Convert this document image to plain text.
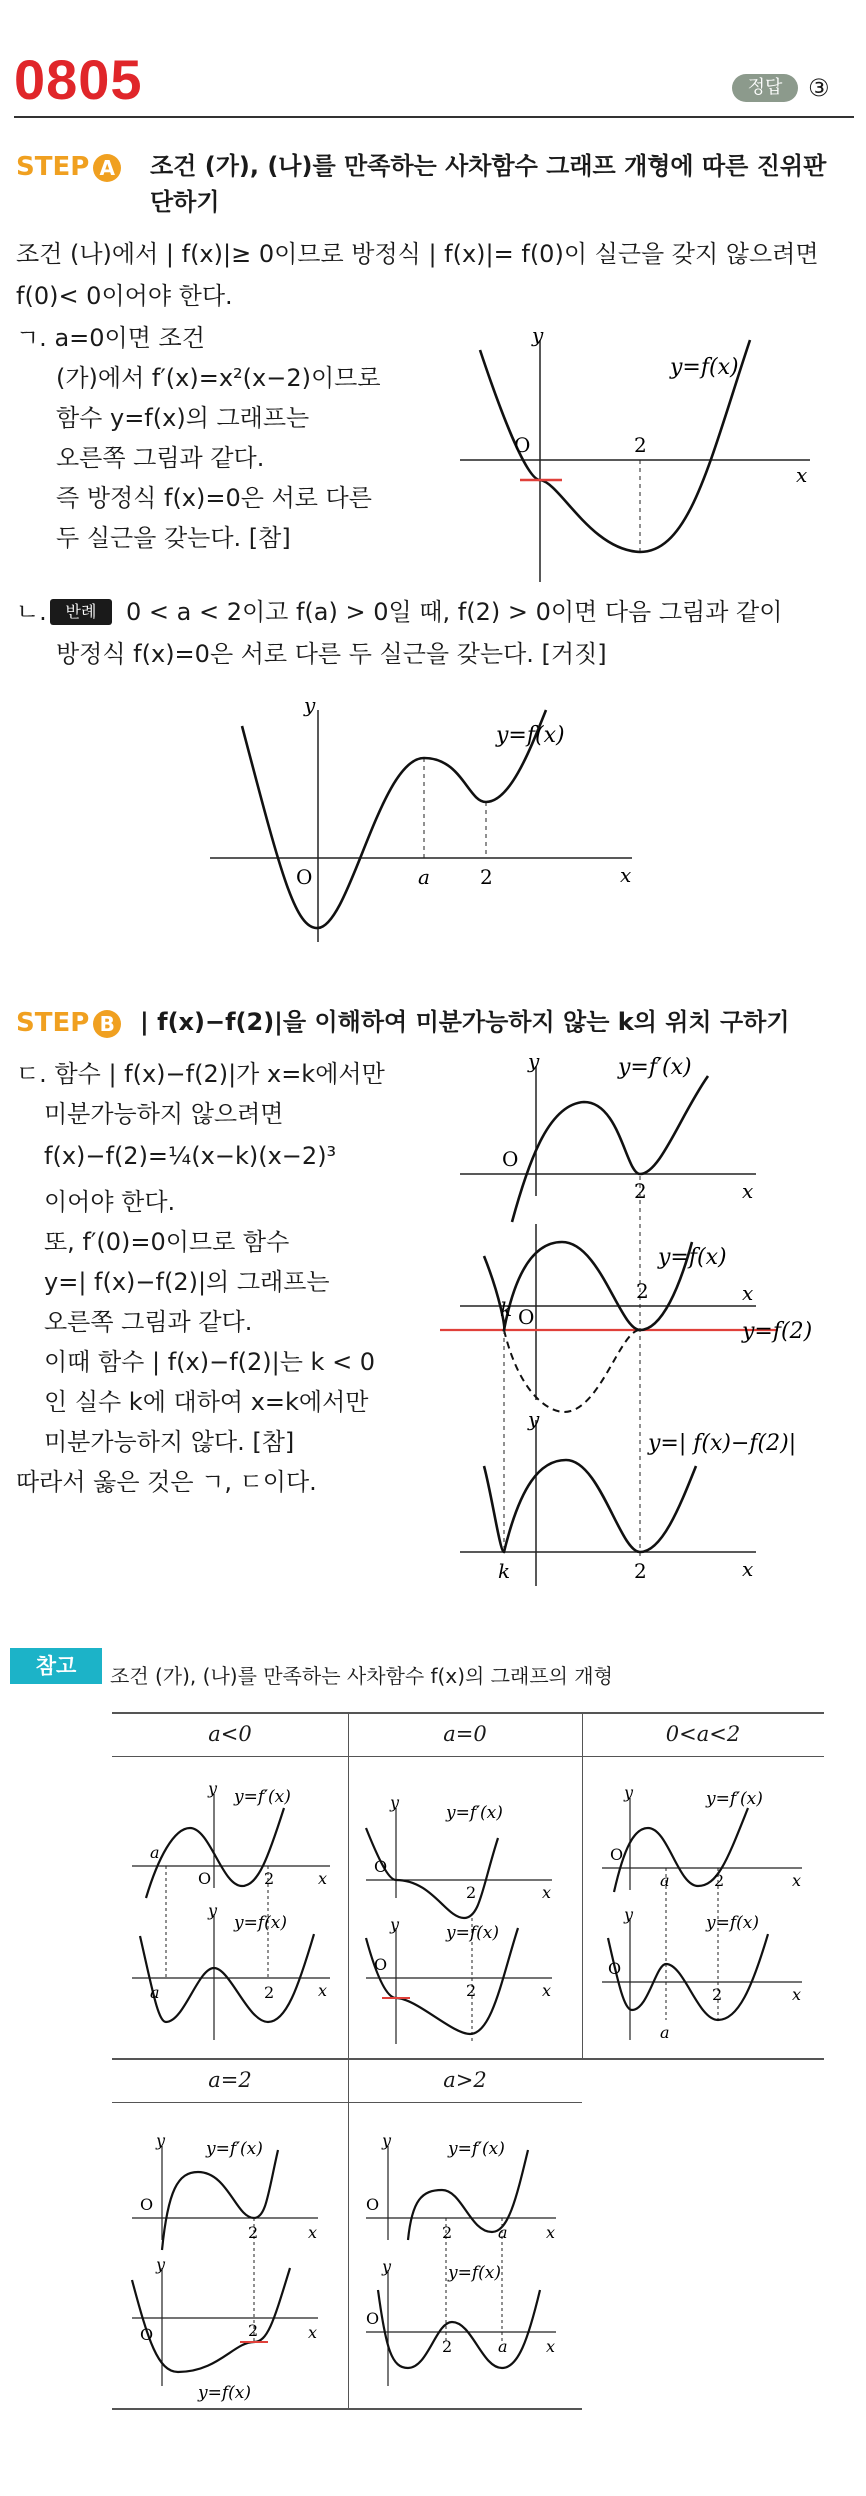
0805	정답	③
STEP A 조건 (가), (나)를 만족하는 사차함수 그래프 개형에 따른 진위판
단하기
조건 (나)에서 | f(x)|≥ 0이므로 방정식 | f(x)|= f(0)이 실근을 갖지 않으려면
f(0)< 0이어야 한다.
ㄱ. a=0이면 조건
(가)에서 f′(x)=x²(x−2)이므로
함수 y=f(x)의 그래프는
오른쪽 그림과 같다.
즉 방정식 f(x)=0은 서로 다른
두 실근을 갖는다. [참]
y
x
O	2
y=f(x)
ㄴ.	반례	0 < a < 2이고 f(a) > 0일 때, f(2) > 0이면 다음 그림과 같이
방정식 f(x)=0은 서로 다른 두 실근을 갖는다. [거짓]
y
x
O	a	2
y=f(x)
STEP B | f(x)−f(2)|을 이해하여 미분가능하지 않는 k의 위치 구하기
ㄷ. 함수 | f(x)−f(2)|가 x=k에서만
미분가능하지 않으려면
f(x)−f(2)=¼(x−k)(x−2)³
이어야 한다.
또, f′(0)=0이므로 함수
y=| f(x)−f(2)|의 그래프는
오른쪽 그림과 같다.
이때 함수 | f(x)−f(2)|는 k < 0
인 실수 k에 대하여 x=k에서만
미분가능하지 않다. [참]
따라서 옳은 것은 ㄱ, ㄷ이다.
y
x
O
2
y=f′(x)
k O
2	x
y=f(x)
y=f(2)
y
x
k	2
y=| f(x)−f(2)|
참고	조건 (가), (나)를 만족하는 사차함수 f(x)의 그래프의 개형
a<0	a=0	0<a<2
a=2	a>2
y y=f′(x)
x
a
O	2
y
y=f(x)
x
a	2
y
y=f′(x)
x
O
2
y	y=f(x)
x
O
2
y	y=f′(x)
x
O
a	2
y	y=f(x)
x
O
a
2
y y=f′(x)
x
O
2
y
x
O	2
y=f(x)
y	y=f′(x)
x
O
2	a
y	y=f(x)
x
O
2	a
